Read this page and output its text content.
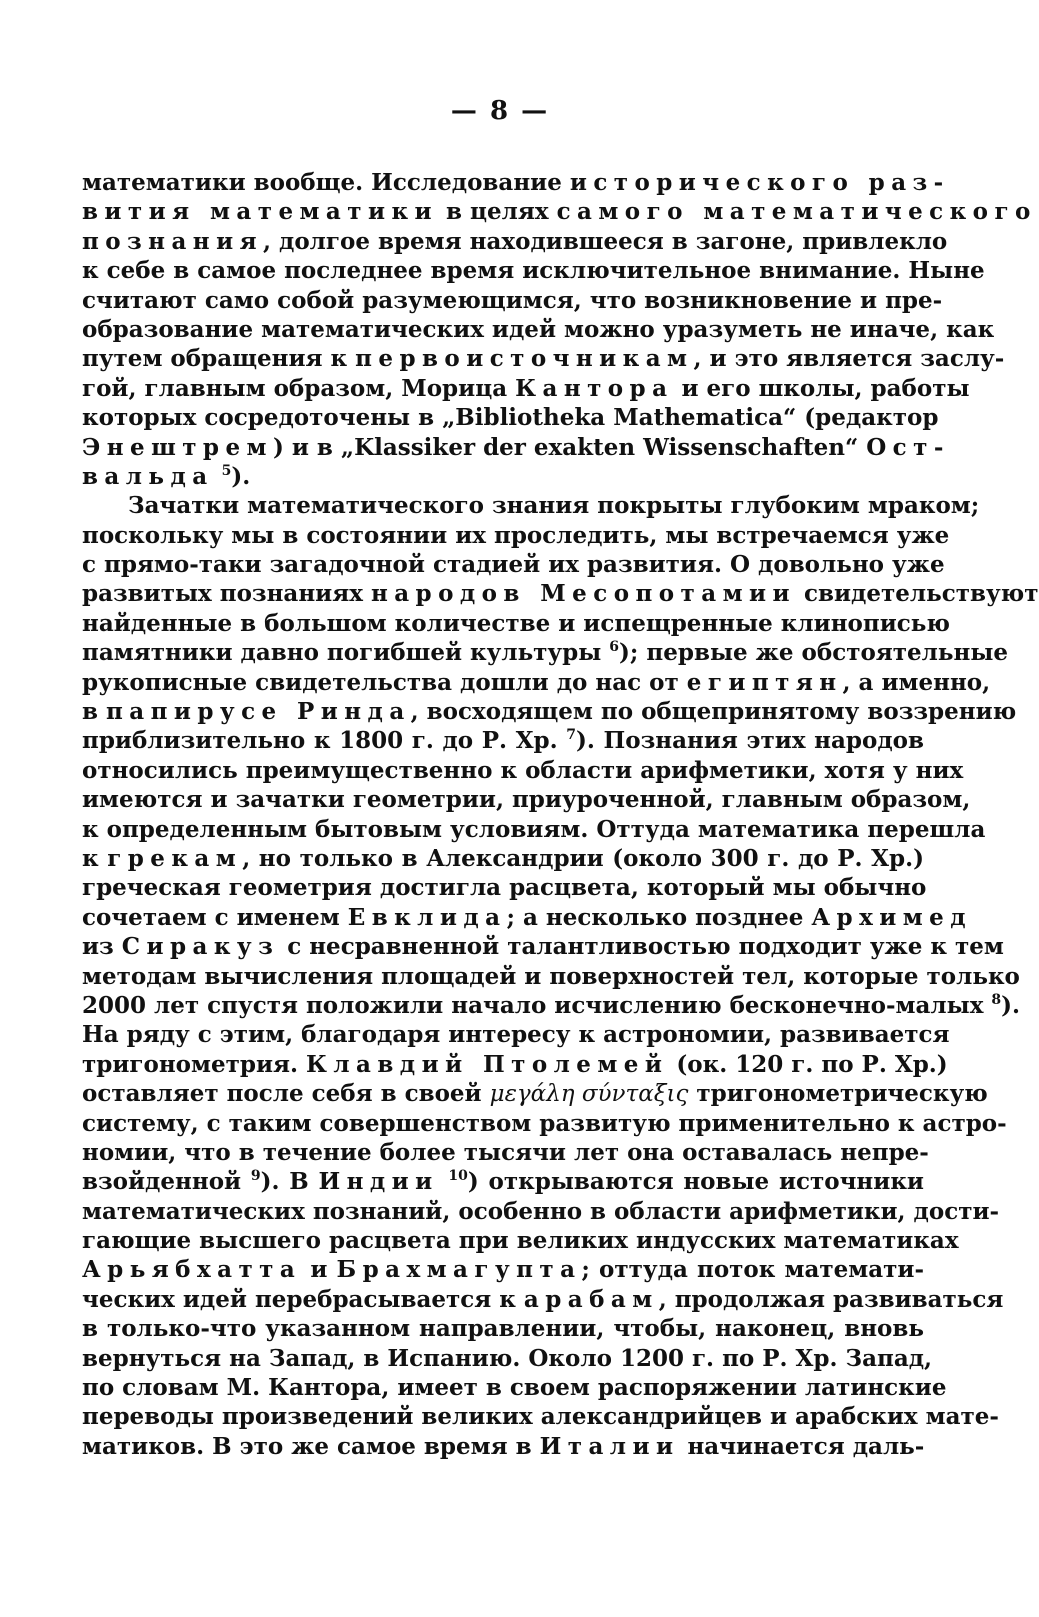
— 8 —
математики вообще. Исследование исторического раз-
вития математики в целях самого математического
познания, долгое время находившееся в загоне, привлекло
к себе в самое последнее время исключительное внимание. Ныне
считают само собой разумеющимся, что возникновение и пре-
образование математических идей можно уразуметь не иначе, как
путем обращения к первоисточникам, и это является заслу-
гой, главным образом, Морица Кантора и его школы, работы
которых сосредоточены в „Bibliotheka Mathematica“ (редактор
Энештрем) и в „Klassiker der exakten Wissenschaften“ Ост-
вальда $^5$).
Зачатки математического знания покрыты глубоким мраком;
поскольку мы в состоянии их проследить, мы встречаемся уже
с прямо-таки загадочной стадией их развития. О довольно уже
развитых познаниях народов Месопотамии свидетельствуют
найденные в большом количестве и испещренные клинописью
памятники давно погибшей культуры $^6$); первые же обстоятельные
рукописные свидетельства дошли до нас от египтян, а именно,
в папирусе Ринда, восходящем по общепринятому воззрению
приблизительно к 1800 г. до Р. Хр. $^7$). Познания этих народов
относились преимущественно к области арифметики, хотя у них
имеются и зачатки геометрии, приуроченной, главным образом,
к определенным бытовым условиям. Оттуда математика перешла
к грекам, но только в Александрии (около 300 г. до Р. Хр.)
греческая геометрия достигла расцвета, который мы обычно
сочетаем с именем Евклида; а несколько позднее Архимед
из Сиракуз с несравненной талантливостью подходит уже к тем
методам вычисления площадей и поверхностей тел, которые только
2000 лет спустя положили начало исчислению бесконечно-малых $^8$).
На ряду с этим, благодаря интересу к астрономии, развивается
тригонометрия. Клавдий Птолемей (ок. 120 г. по Р. Хр.)
оставляет после себя в своей μεγάλη σύνταξις тригонометрическую
систему, с таким совершенством развитую применительно к астро-
номии, что в течение более тысячи лет она оставалась непре-
взойденной $^9$). В Индии $^{10}$) открываются новые источники
математических познаний, особенно в области арифметики, дости-
гающие высшего расцвета при великих индусских математиках
Арьябхатта и Брахмагупта; оттуда поток математи-
ческих идей перебрасывается к арабам, продолжая развиваться
в только-что указанном направлении, чтобы, наконец, вновь
вернуться на Запад, в Испанию. Около 1200 г. по Р. Хр. Запад,
по словам М. Кантора, имеет в своем распоряжении латинские
переводы произведений великих александрийцев и арабских мате-
матиков. В это же самое время в Италии начинается даль-
